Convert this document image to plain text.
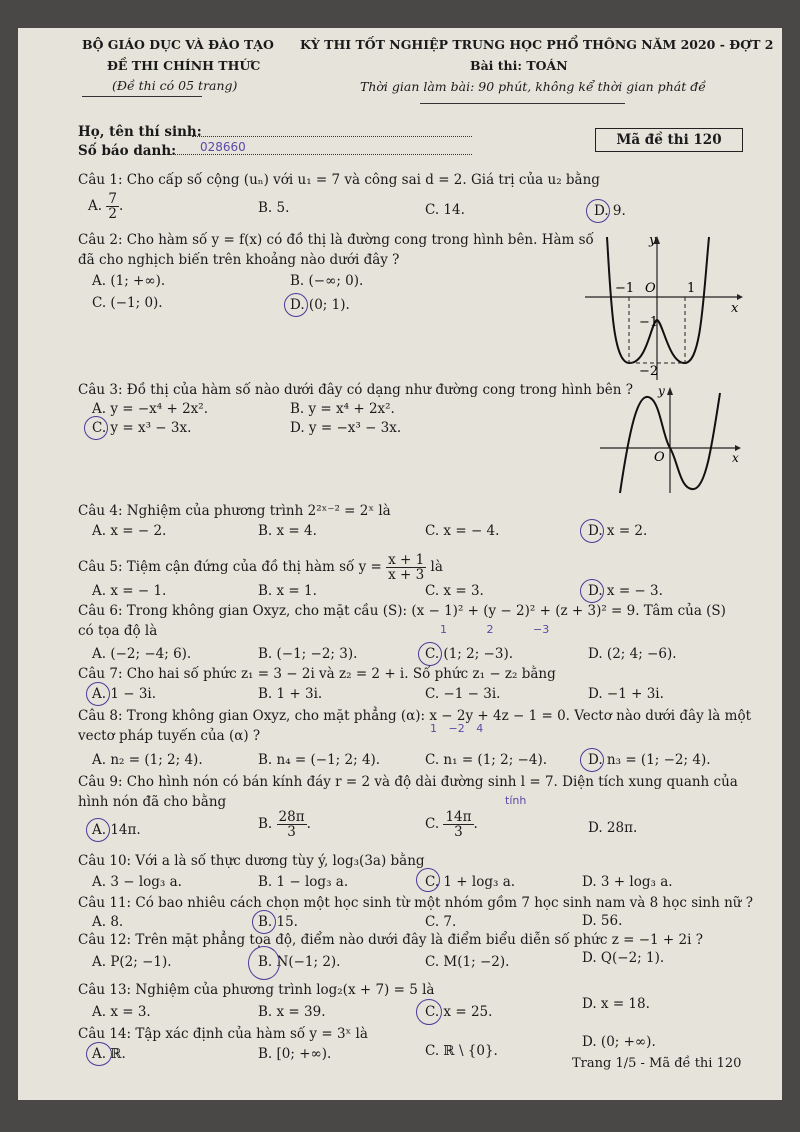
BỘ GIÁO DỤC VÀ ĐÀO TẠO KỲ THI TỐT NGHIỆP TRUNG HỌC PHỔ THÔNG NĂM 2020 - ĐỢT 2
ĐỀ THI CHÍNH THỨC
(Đề thi có 05 trang)
Bài thi: TOÁN
Thời gian làm bài: 90 phút, không kể thời gian phát đề
Họ, tên thí sinh:
Số báo danh: 028660	Mã đề thi 120
Câu 1: Cho cấp số cộng (uₙ) với u₁ = 7 và công sai d = 2. Giá trị của u₂ bằng
A. $\frac{7}{2}$ .	B. 5.	C. 14.	D. 9.
Câu 2: Cho hàm số y = f(x) có đồ thị là đường cong trong hình bên. Hàm số
đã cho nghịch biến trên khoảng nào dưới đây ?
A. (1; +∞).	B. (−∞; 0).
C. (−1; 0).	D. (0; 1).
y
x
O
−1	1
−1
−2
Câu 3: Đồ thị của hàm số nào dưới đây có dạng như đường cong trong hình bên ?
A. y = −x⁴ + 2x².	B. y = x⁴ + 2x².
C. y = x³ − 3x.	D. y = −x³ − 3x.
y
x
O
Câu 4: Nghiệm của phương trình 2²ˣ⁻² = 2ˣ là
A. x = − 2.	B. x = 4.	C. x = − 4.	D. x = 2.
Câu 5: Tiệm cận đứng của đồ thị hàm số $y = \frac{x + 1}{x + 3}$ là
A. x = − 1.	B. x = 1.	C. x = 3.	D. x = − 3.
Câu 6: Trong không gian Oxyz, cho mặt cầu (S): (x − 1)² + (y − 2)² + (z + 3)² = 9. Tâm của (S)
có tọa độ là	1 2 −3
A. (−2; −4; 6).	B. (−1; −2; 3).	C. (1; 2; −3).	D. (2; 4; −6).
Câu 7: Cho hai số phức z₁ = 3 − 2i và z₂ = 2 + i. Số phức z₁ − z₂ bằng
A. 1 − 3i.	B. 1 + 3i.	C. −1 − 3i.	D. −1 + 3i.
Câu 8: Trong không gian Oxyz, cho mặt phẳng (α): x − 2y + 4z − 1 = 0. Vectơ nào dưới đây là một
1 −2 4
vectơ pháp tuyến của (α) ?
A. n₂ = (1; 2; 4).	B. n₄ = (−1; 2; 4).	C. n₁ = (1; 2; −4).	D. n₃ = (1; −2; 4).
Câu 9: Cho hình nón có bán kính đáy r = 2 và độ dài đường sinh l = 7. Diện tích xung quanh của
hình nón đã cho bằng	tính
A. 14π.	B. $\frac{28\pi}{3}$ .	C. $\frac{14\pi}{3}$ .	D. 28π.
Câu 10: Với a là số thực dương tùy ý, log₃(3a) bằng
A. 3 − log₃ a.	B. 1 − log₃ a.	C. 1 + log₃ a.	D. 3 + log₃ a.
Câu 11: Có bao nhiêu cách chọn một học sinh từ một nhóm gồm 7 học sinh nam và 8 học sinh nữ ?
A. 8.	B. 15.	C. 7.	D. 56.
Câu 12: Trên mặt phẳng tọa độ, điểm nào dưới đây là điểm biểu diễn số phức z = −1 + 2i ?
A. P(2; −1).	B. N(−1; 2).	C. M(1; −2).	D. Q(−2; 1).
Câu 13: Nghiệm của phương trình log₂(x + 7) = 5 là
A. x = 3.	B. x = 39.	C. x = 25.	D. x = 18.
Câu 14: Tập xác định của hàm số y = 3ˣ là
A. ℝ.	B. [0; +∞).	C. ℝ \ {0}.
D. (0; +∞).
Trang 1/5 - Mã đề thi 120
